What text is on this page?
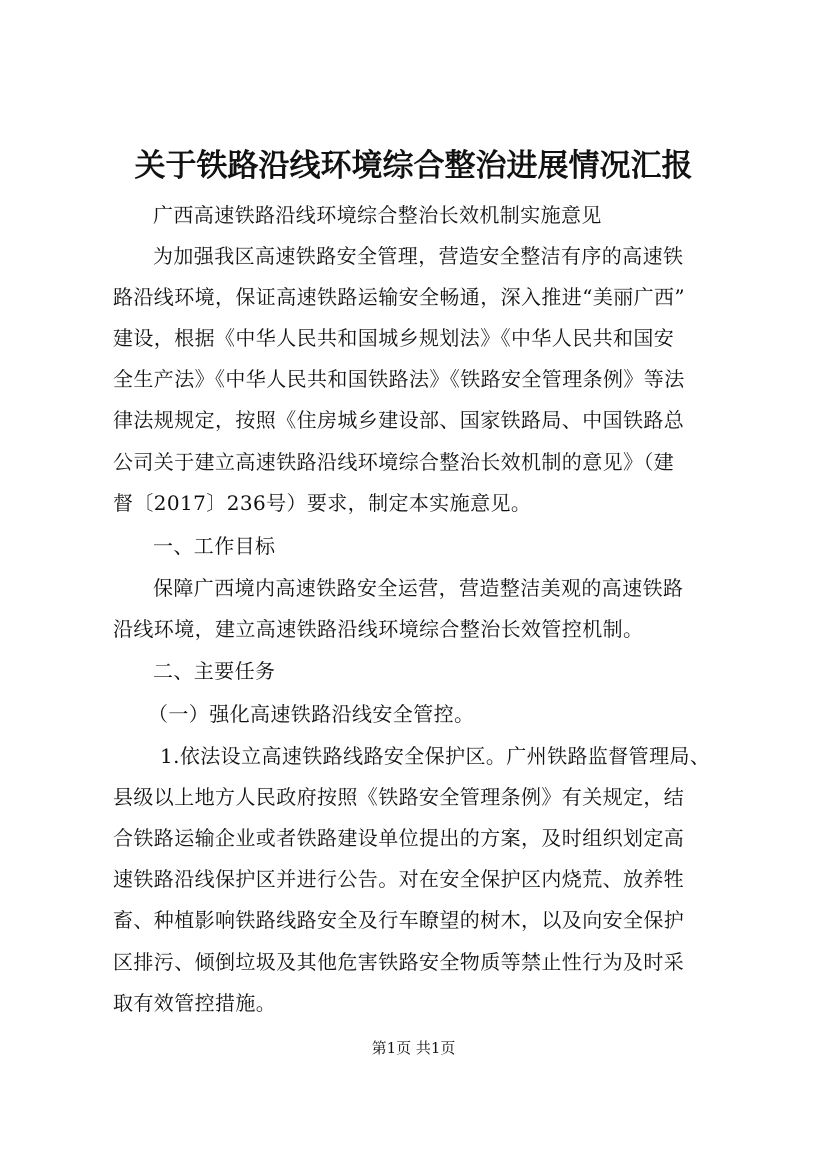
关于铁路沿线环境综合整治进展情况汇报
广西高速铁路沿线环境综合整治长效机制实施意见
为加强我区高速铁路安全管理，营造安全整洁有序的高速铁
路沿线环境，保证高速铁路运输安全畅通，深入推进“美丽广西”
建设，根据《中华人民共和国城乡规划法》《中华人民共和国安
全生产法》《中华人民共和国铁路法》《铁路安全管理条例》等法
律法规规定，按照《住房城乡建设部、国家铁路局、中国铁路总
公司关于建立高速铁路沿线环境综合整治长效机制的意见》（建
督〔2017〕236号）要求，制定本实施意见。
一、工作目标
保障广西境内高速铁路安全运营，营造整洁美观的高速铁路
沿线环境，建立高速铁路沿线环境综合整治长效管控机制。
二、主要任务
（一）强化高速铁路沿线安全管控。
1.依法设立高速铁路线路安全保护区。广州铁路监督管理局、
县级以上地方人民政府按照《铁路安全管理条例》有关规定，结
合铁路运输企业或者铁路建设单位提出的方案，及时组织划定高
速铁路沿线保护区并进行公告。对在安全保护区内烧荒、放养牲
畜、种植影响铁路线路安全及行车瞭望的树木，以及向安全保护
区排污、倾倒垃圾及其他危害铁路安全物质等禁止性行为及时采
取有效管控措施。
第1页 共1页
